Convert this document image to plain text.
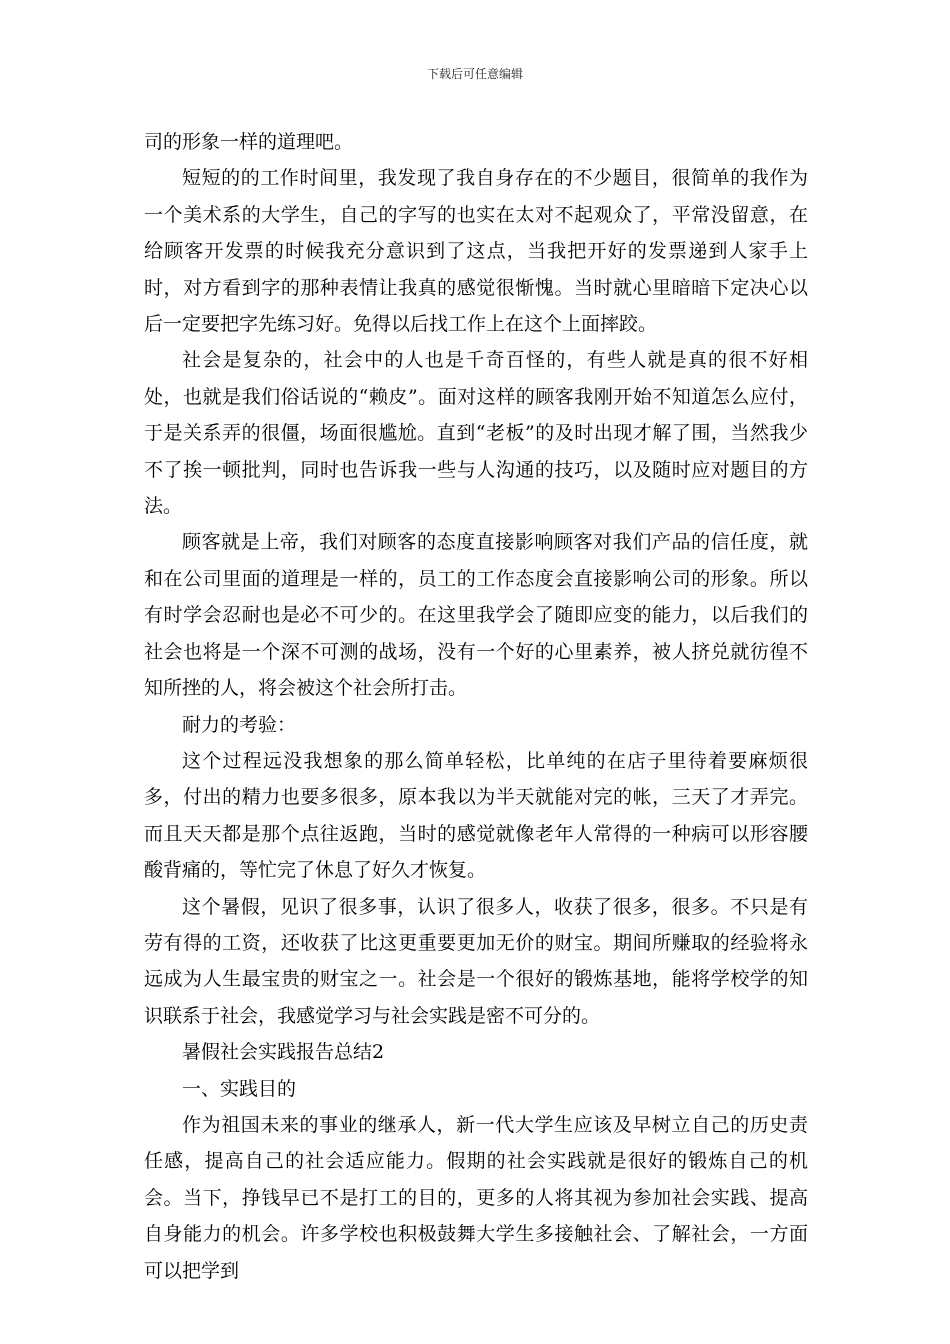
下载后可任意编辑

司的形象一样的道理吧。

短短的的工作时间里，我发现了我自身存在的不少题目，很简单的我作为一个美术系的大学生，自己的字写的也实在太对不起观众了，平常没留意，在给顾客开发票的时候我充分意识到了这点，当我把开好的发票递到人家手上时，对方看到字的那种表情让我真的感觉很惭愧。当时就心里暗暗下定决心以后一定要把字先练习好。免得以后找工作上在这个上面摔跤。

社会是复杂的，社会中的人也是千奇百怪的，有些人就是真的很不好相处，也就是我们俗话说的“赖皮”。面对这样的顾客我刚开始不知道怎么应付，于是关系弄的很僵，场面很尴尬。直到“老板”的及时出现才解了围，当然我少不了挨一顿批判，同时也告诉我一些与人沟通的技巧，以及随时应对题目的方法。

顾客就是上帝，我们对顾客的态度直接影响顾客对我们产品的信任度，就和在公司里面的道理是一样的，员工的工作态度会直接影响公司的形象。所以有时学会忍耐也是必不可少的。在这里我学会了随即应变的能力，以后我们的社会也将是一个深不可测的战场，没有一个好的心里素养，被人挤兑就彷徨不知所挫的人，将会被这个社会所打击。

耐力的考验：

这个过程远没我想象的那么简单轻松，比单纯的在店子里待着要麻烦很多，付出的精力也要多很多，原本我以为半天就能对完的帐，三天了才弄完。而且天天都是那个点往返跑，当时的感觉就像老年人常得的一种病可以形容腰酸背痛的，等忙完了休息了好久才恢复。

这个暑假，见识了很多事，认识了很多人，收获了很多，很多。不只是有劳有得的工资，还收获了比这更重要更加无价的财宝。期间所赚取的经验将永远成为人生最宝贵的财宝之一。社会是一个很好的锻炼基地，能将学校学的知识联系于社会，我感觉学习与社会实践是密不可分的。

暑假社会实践报告总结2

一、实践目的

作为祖国未来的事业的继承人，新一代大学生应该及早树立自己的历史责任感，提高自己的社会适应能力。假期的社会实践就是很好的锻炼自己的机会。当下，挣钱早已不是打工的目的，更多的人将其视为参加社会实践、提高自身能力的机会。许多学校也积极鼓舞大学生多接触社会、了解社会，一方面可以把学到
